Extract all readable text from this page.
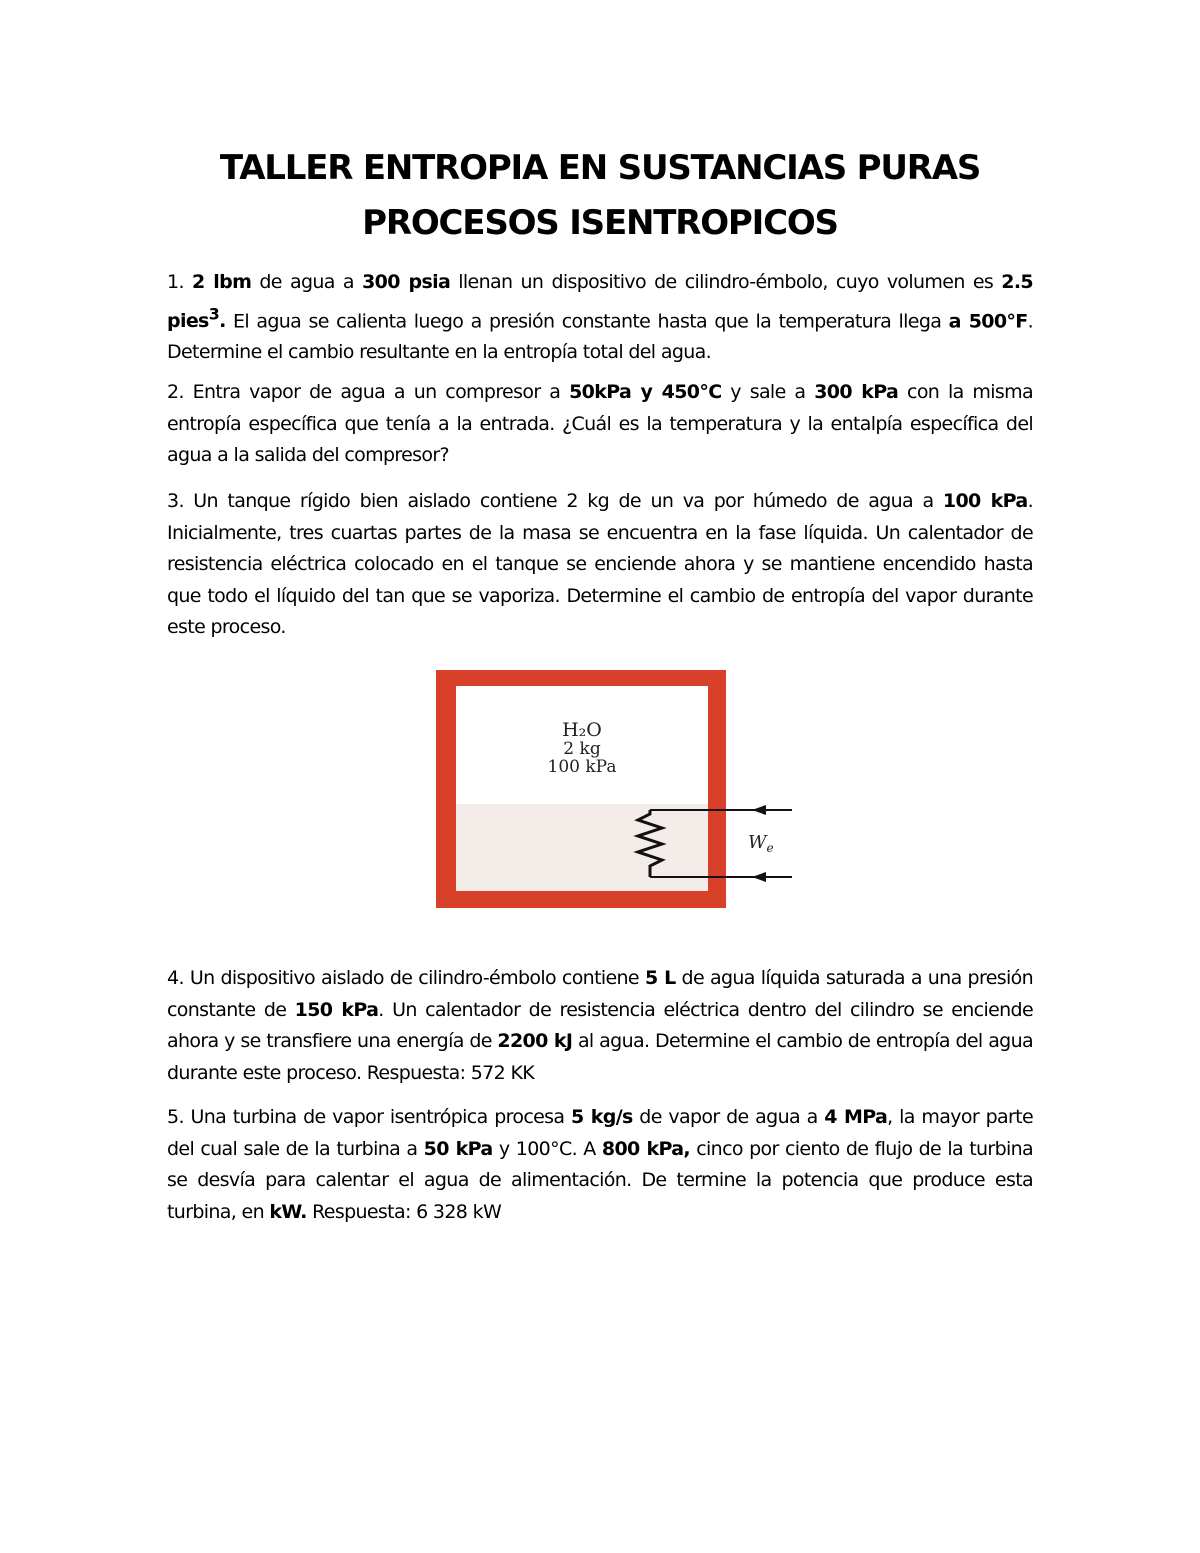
TALLER ENTROPIA EN SUSTANCIAS PURAS
PROCESOS ISENTROPICOS

1. 2 lbm de agua a 300 psia llenan un dispositivo de cilindro-émbolo, cuyo volumen es 2.5 pies$^3$. El agua se calienta luego a presión constante hasta que la temperatura llega a 500°F. Determine el cambio resultante en la entropía total del agua.

2. Entra vapor de agua a un compresor a 50kPa y 450°C y sale a 300 kPa con la misma entropía específica que tenía a la entrada. ¿Cuál es la temperatura y la entalpía específica del agua a la salida del compresor?

3. Un tanque rígido bien aislado contiene 2 kg de un va por húmedo de agua a 100 kPa. Inicialmente, tres cuartas partes de la masa se encuentra en la fase líquida. Un calentador de resistencia eléctrica colocado en el tanque se enciende ahora y se mantiene encendido hasta que todo el líquido del tan que se vaporiza. Determine el cambio de entropía del vapor durante este proceso.

H₂O
2 kg
100 kPa
$W_e$

4. Un dispositivo aislado de cilindro-émbolo contiene 5 L de agua líquida saturada a una presión constante de 150 kPa. Un calentador de resistencia eléctrica dentro del cilindro se enciende ahora y se transfiere una energía de 2200 kJ al agua. Determine el cambio de entropía del agua durante este proceso. Respuesta: 572 KK

5. Una turbina de vapor isentrópica procesa 5 kg/s de vapor de agua a 4 MPa, la mayor parte del cual sale de la turbina a 50 kPa y 100°C. A 800 kPa, cinco por ciento de flujo de la turbina se desvía para calentar el agua de alimentación. De termine la potencia que produce esta turbina, en kW. Respuesta: 6 328 kW
